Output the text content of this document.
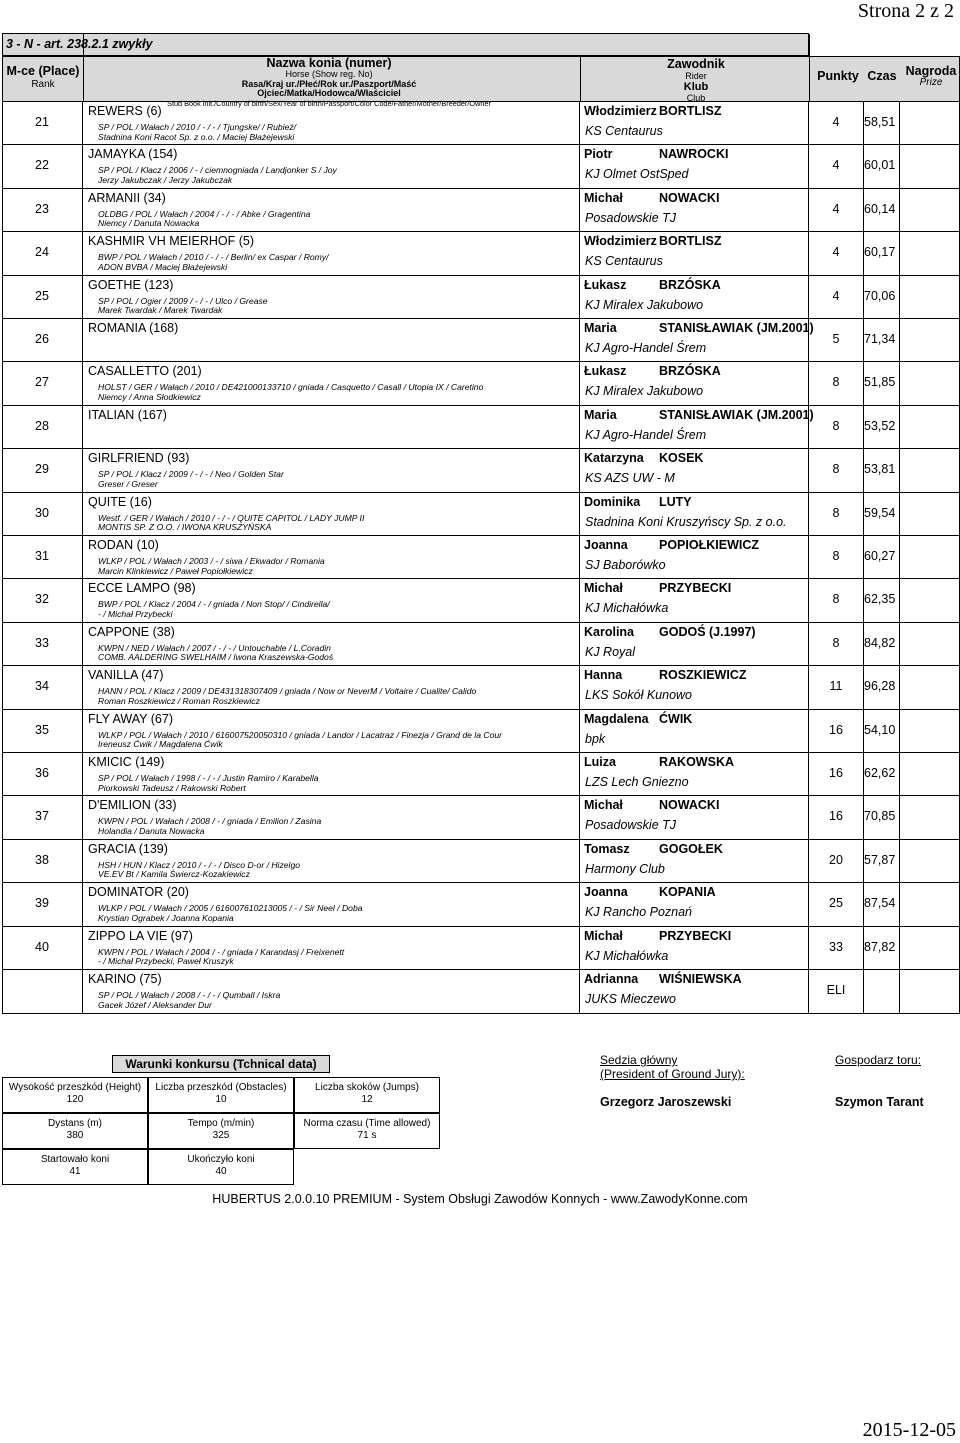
Strona 2 z 2
3 - N - art. 238.2.1 zwykły
M-ce (Place)
Rank
Nazwa konia (numer)
Horse (Show reg. No)
Rasa/Kraj ur./Płeć/Rok ur./Paszport/Maść
Ojciec/Matka/Hodowca/Właściciel
Stud Book init./Country of birth/Sex/Year of birth/Passport/Color Code/Father/Mother/Breeder/Owner
Zawodnik
Rider
Klub
Club
Punkty Czas Nagroda
Prize
21
REWERS (6)
SP / POL / Wałach / 2010 / - / - / Tjungske/ / Rubież/
Stadnina Koni Racot Sp. z o.o. / Maciej Błażejewski
Włodzimierz BORTLISZ
KS Centaurus
4	58,51
22
JAMAYKA (154)
SP / POL / Klacz / 2006 / - / ciemnogniada / Landjonker S / Joy
Jerzy Jakubczak / Jerzy Jakubczak
Piotr	NAWROCKI
KJ Olmet OstSped
4	60,01
23
ARMANII (34)
OLDBG / POL / Wałach / 2004 / - / - / Abke / Gragentina
Niemcy / Danuta Nowacka
Michał	NOWACKI
Posadowskie TJ
4	60,14
24
KASHMIR VH MEIERHOF (5)
BWP / POL / Wałach / 2010 / - / - / Berlin/ ex Caspar / Romy/
ADON BVBA / Maciej Błażejewski
Włodzimierz BORTLISZ
KS Centaurus
4	60,17
25
GOETHE (123)
SP / POL / Ogier / 2009 / - / - / Ulco / Grease
Marek Twardak / Marek Twardak
Łukasz	BRZÓSKA
KJ Miralex Jakubowo
4	70,06
26
ROMANIA (168)	Maria	STANISŁAWIAK (JM.2001)
KJ Agro-Handel Śrem
5	71,34
27
CASALLETTO (201)
HOLST / GER / Wałach / 2010 / DE421000133710 / gniada / Casquetto / Casall / Utopia IX / Caretino
Niemcy / Anna Słodkiewicz
Łukasz	BRZÓSKA
KJ Miralex Jakubowo
8	51,85
28
ITALIAN (167)	Maria	STANISŁAWIAK (JM.2001)
KJ Agro-Handel Śrem
8	53,52
29
GIRLFRIEND (93)
SP / POL / Klacz / 2009 / - / - / Neo / Golden Star
Greser / Greser
Katarzyna KOSEK
KS AZS UW - M
8	53,81
30
QUITE (16)
Westf. / GER / Wałach / 2010 / - / - / QUITE CAPITOL / LADY JUMP II
MONTIS SP. Z O.O. / IWONA KRUSZYŃSKA
Dominika LUTY
Stadnina Koni Kruszyńscy Sp. z o.o.
8	59,54
31
RODAN (10)
WLKP / POL / Wałach / 2003 / - / siwa / Ekwador / Romania
Marcin Klinkiewicz / Paweł Popiołkiewicz
Joanna POPIOŁKIEWICZ
SJ Baborówko
8	60,27
32
ECCE LAMPO (98)
BWP / POL / Klacz / 2004 / - / gniada / Non Stop/ / Cindirella/
- / Michał Przybecki
Michał	PRZYBECKI
KJ Michałówka
8	62,35
33
CAPPONE (38)
KWPN / NED / Wałach / 2007 / - / - / Untouchable / L.Coradin
COMB. AALDERING SWELHAIM / Iwona Kraszewska-Godoś
Karolina GODOŚ (J.1997)
KJ Royal
8	84,82
34
VANILLA (47)
HANN / POL / Klacz / 2009 / DE431318307409 / gniada / Now or NeverM / Voltaire / Cualite/ Calido
Roman Roszkiewicz / Roman Roszkiewicz
Hanna	ROSZKIEWICZ
LKS Sokół Kunowo
11	96,28
35
FLY AWAY (67)
WLKP / POL / Wałach / 2010 / 616007520050310 / gniada / Landor / Lacatraz / Finezja / Grand de la Cour
Ireneusz Ćwik / Magdalena Ćwik
Magdalena ĆWIK
bpk
16	54,10
36
KMICIC (149)
SP / POL / Wałach / 1998 / - / - / Justin Ramiro / Karabella
Piorkowski Tadeusz / Rakowski Robert
Luiza	RAKOWSKA
LZS Lech Gniezno
16	62,62
37
D'EMILION (33)
KWPN / POL / Wałach / 2008 / - / gniada / Emilion / Zasina
Holandia / Danuta Nowacka
Michał	NOWACKI
Posadowskie TJ
16	70,85
38
GRACIA (139)
HSH / HUN / Klacz / 2010 / - / - / Disco D-or / Hizelgo
VE.EV Bt / Kamila Świercz-Kozakiewicz
Tomasz GOGOŁEK
Harmony Club
20	57,87
39
DOMINATOR (20)
WLKP / POL / Wałach / 2005 / 616007610213005 / - / Sir Neel / Doba
Krystian Ograbek / Joanna Kopania
Joanna KOPANIA
KJ Rancho Poznań
25	87,54
40
ZIPPO LA VIE (97)
KWPN / POL / Wałach / 2004 / - / gniada / Karandasj / Freixenett
- / Michał Przybecki, Paweł Kruszyk
Michał	PRZYBECKI
KJ Michałówka
33	87,82
KARINO (75)
SP / POL / Wałach / 2008 / - / - / Qumball / Iskra
Gacek Józef / Aleksander Dur
Adrianna WIŚNIEWSKA
JUKS Mieczewo
ELI
Warunki konkursu (Tchnical data)
Wysokość przeszkód (Height)
120
Liczba przeszkód (Obstacles)
10
Liczba skoków (Jumps)
12
Dystans (m)
380
Tempo (m/min)
325
Norma czasu (Time allowed)
71 s
Startowało koni
41
Ukończyło koni
40
Sedzia główny
(President of Ground Jury):
Grzegorz Jaroszewski
Gospodarz toru:
Szymon Tarant
HUBERTUS 2.0.0.10 PREMIUM - System Obsługi Zawodów Konnych - www.ZawodyKonne.com
2015-12-05
